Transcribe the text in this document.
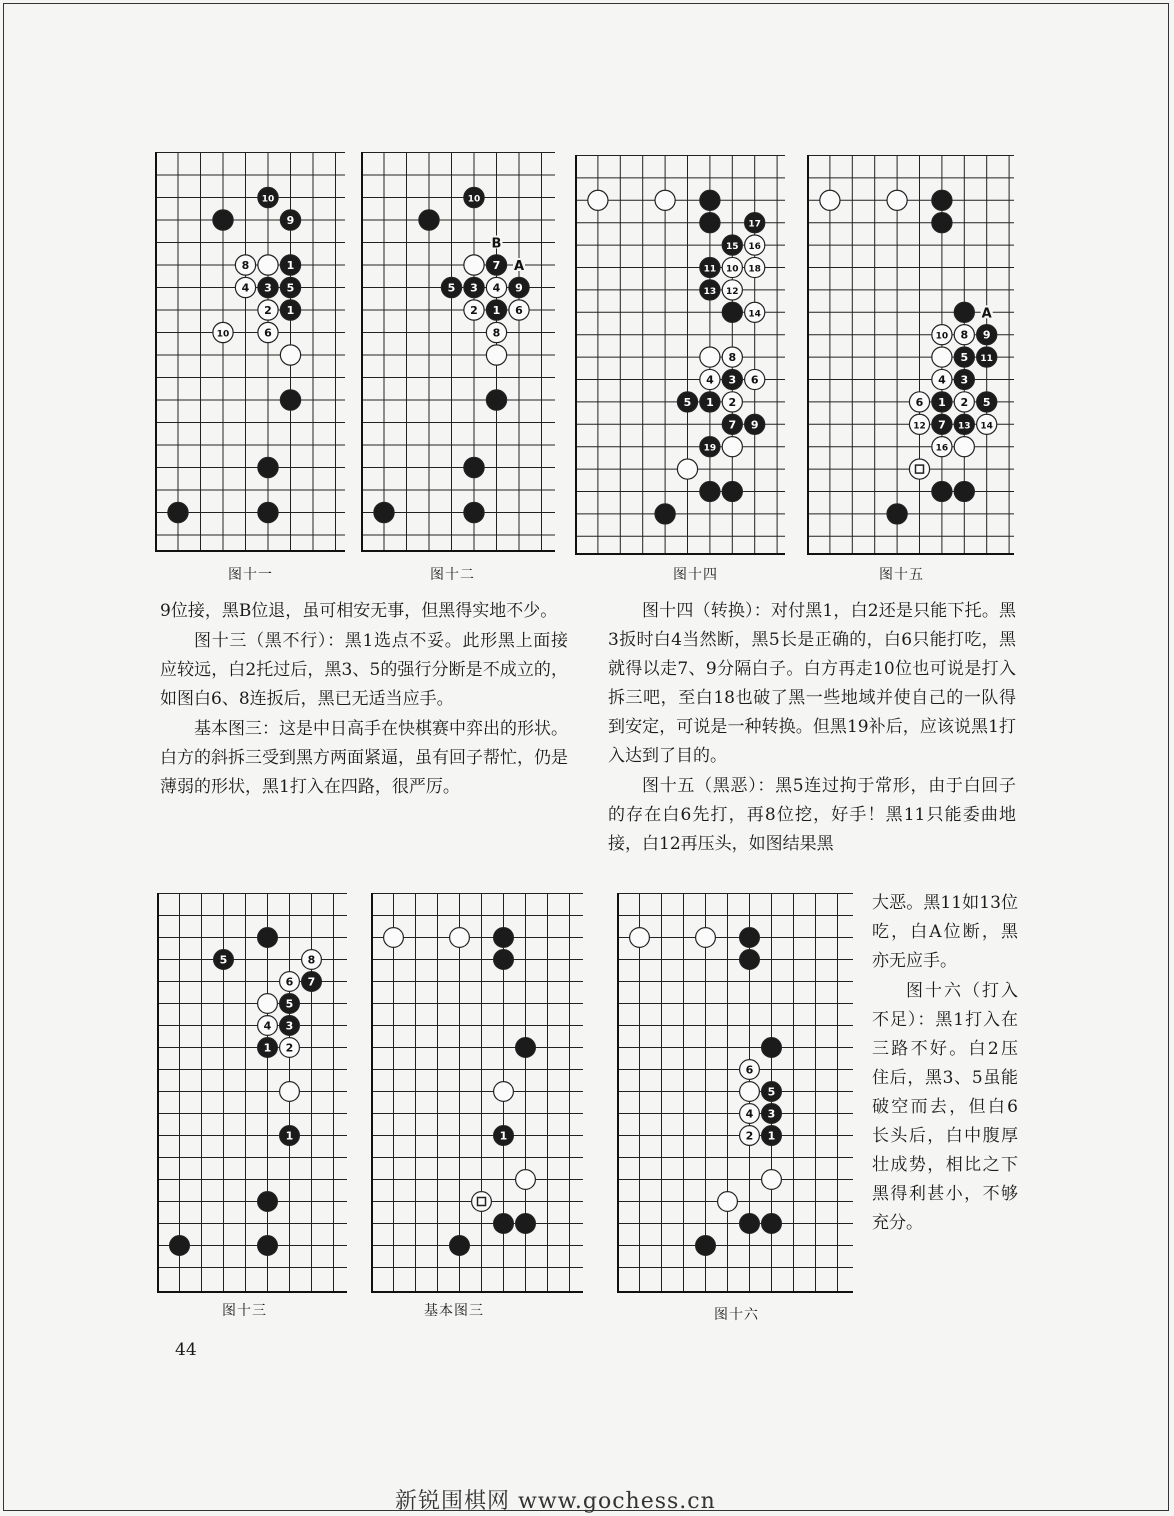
10
9
8	1
4 3 5
2 1
10	6
10
7
5 3 4 9
2 1 6
8
B
A
17
15 16
11 10 18
13 12
14
8
4 3 6
5 1 2
7 9
19
10 8 9
5 11
4 3
6 1 2 5
12 7 13 14
16
A
5	8
6 7
5
4 3
1 2
1	1
6
5
4 3
2 1
图十一	图十二	图十四	图十五
图十三	基本图三	图十六

9位接，黑B位退，虽可相安无事，但黑得实地不少。

图十三（黑不行）：黑1选点不妥。此形黑上面接应较远，白2托过后，黑3、5的强行分断是不成立的，如图白6、8连扳后，黑已无适当应手。

基本图三：这是中日高手在快棋赛中弈出的形状。白方的斜拆三受到黑方两面紧逼，虽有回子帮忙，仍是薄弱的形状，黑1打入在四路，很严厉。

图十四（转换）：对付黑1，白2还是只能下托。黑3扳时白4当然断，黑5长是正确的，白6只能打吃，黑就得以走7、9分隔白子。白方再走10位也可说是打入拆三吧，至白18也破了黑一些地域并使自己的一队得到安定，可说是一种转换。但黑19补后，应该说黑1打入达到了目的。

图十五（黑恶）：黑5连过拘于常形，由于白回子的存在白6先打，再8位挖，好手！黑11只能委曲地接，白12再压头，如图结果黑

大恶。黑11如13位吃，白A位断，黑亦无应手。

图十六（打入不足）：黑1打入在三路不好。白2压住后，黑3、5虽能破空而去，但白6长头后，白中腹厚壮成势，相比之下黑得利甚小，不够充分。

44
新锐围棋网 www.gochess.cn
